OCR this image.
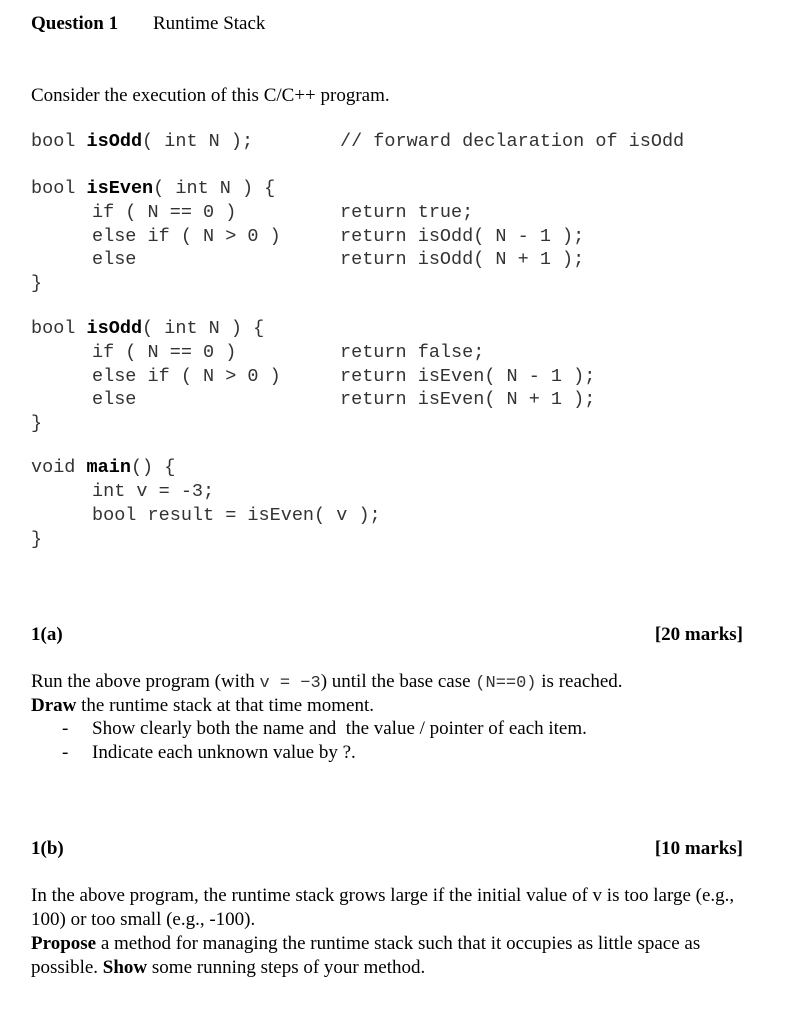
Question 1 Runtime Stack
Consider the execution of this C/C++ program.
bool isOdd( int N );	// forward declaration of isOdd
bool isEven( int N ) {
if ( N == 0 )	return true;
else if ( N > 0 )	return isOdd( N - 1 );
else	return isOdd( N + 1 );
}
bool isOdd( int N ) {
if ( N == 0 )	return false;
else if ( N > 0 )	return isEven( N - 1 );
else	return isEven( N + 1 );
}
void main() {
int v = -3;
bool result = isEven( v );
}
1(a)	[20 marks]
Run the above program (with v = −3) until the base case (N==0) is reached.
Draw the runtime stack at that time moment.
- Show clearly both the name and  the value / pointer of each item.
- Indicate each unknown value by ?.
1(b)	[10 marks]
In the above program, the runtime stack grows large if the initial value of v is too large (e.g., 100) or too small (e.g., -100).
Propose a method for managing the runtime stack such that it occupies as little space as possible. Show some running steps of your method.
